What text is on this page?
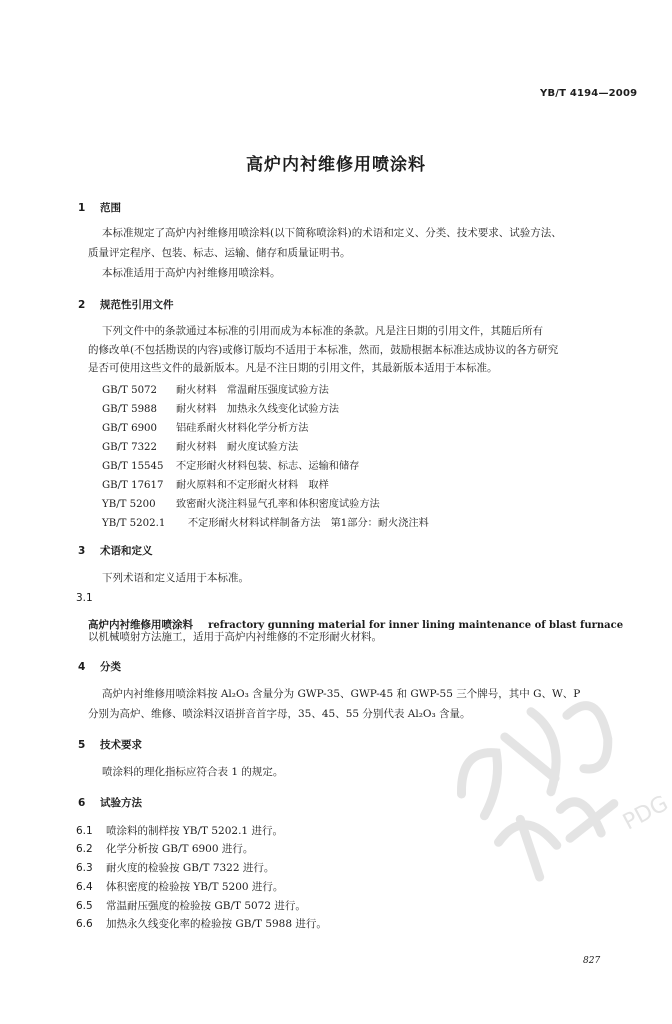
YB/T 4194—2009
高炉内衬维修用喷涂料
1 范围
本标准规定了高炉内衬维修用喷涂料(以下简称喷涂料)的术语和定义、分类、技术要求、试验方法、
质量评定程序、包装、标志、运输、储存和质量证明书。
本标准适用于高炉内衬维修用喷涂料。
2 规范性引用文件
下列文件中的条款通过本标准的引用而成为本标准的条款。凡是注日期的引用文件，其随后所有
的修改单(不包括勘误的内容)或修订版均不适用于本标准，然而，鼓励根据本标准达成协议的各方研究
是否可使用这些文件的最新版本。凡是不注日期的引用文件，其最新版本适用于本标准。
GB/T 5072 耐火材料　常温耐压强度试验方法
GB/T 5988 耐火材料　加热永久线变化试验方法
GB/T 6900 铝硅系耐火材料化学分析方法
GB/T 7322 耐火材料　耐火度试验方法
GB/T 15545 不定形耐火材料包装、标志、运输和储存
GB/T 17617 耐火原料和不定形耐火材料　取样
YB/T 5200 致密耐火浇注料显气孔率和体积密度试验方法
YB/T 5202.1 不定形耐火材料试样制备方法　第1部分：耐火浇注料
3 术语和定义
下列术语和定义适用于本标准。
3.1
高炉内衬维修用喷涂料 refractory gunning material for inner lining maintenance of blast furnace
以机械喷射方法施工，适用于高炉内衬维修的不定形耐火材料。
4 分类
高炉内衬维修用喷涂料按 Al₂O₃ 含量分为 GWP-35、GWP-45 和 GWP-55 三个牌号，其中 G、W、P
分别为高炉、维修、喷涂料汉语拼音首字母，35、45、55 分别代表 Al₂O₃ 含量。
5 技术要求
喷涂料的理化指标应符合表 1 的规定。
6 试验方法
6.1 喷涂料的制样按 YB/T 5202.1 进行。
6.2 化学分析按 GB/T 6900 进行。
6.3 耐火度的检验按 GB/T 7322 进行。
6.4 体积密度的检验按 YB/T 5200 进行。
6.5 常温耐压强度的检验按 GB/T 5072 进行。
6.6 加热永久线变化率的检验按 GB/T 5988 进行。
PDG
827
